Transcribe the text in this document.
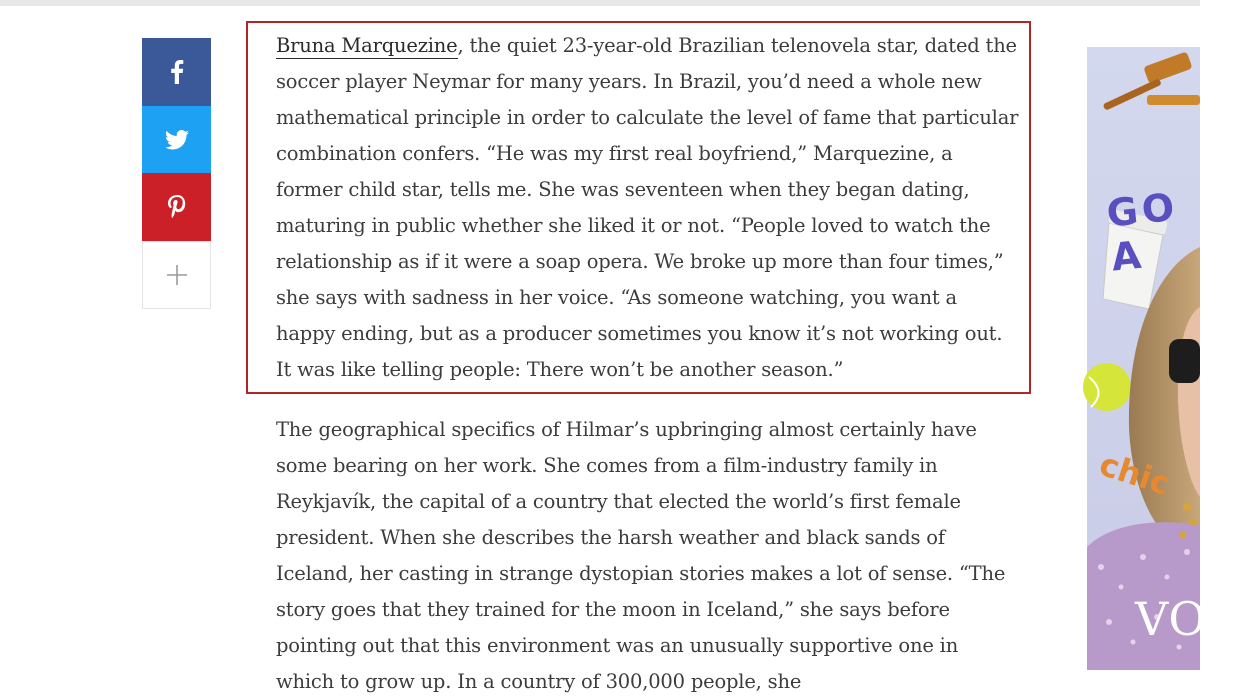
Bruna Marquezine, the quiet 23-year-old Brazilian telenovela star, dated the soccer player Neymar for many years. In Brazil, you’d need a whole new mathematical principle in order to calculate the level of fame that particular combination confers. “He was my first real boyfriend,” Marquezine, a former child star, tells me. She was seventeen when they began dating, maturing in public whether she liked it or not. “People loved to watch the relationship as if it were a soap opera. We broke up more than four times,” she says with sadness in her voice. “As someone watching, you want a happy ending, but as a producer sometimes you know it’s not working out. It was like telling people: There won’t be another season.”

The geographical specifics of Hilmar’s upbringing almost certainly have some bearing on her work. She comes from a film-industry family in Reykjavík, the capital of a country that elected the world’s first female president. When she describes the harsh weather and black sands of Iceland, her casting in strange dystopian stories makes a lot of sense. “The story goes that they trained for the moon in Iceland,” she says before pointing out that this environment was an unusually supportive one in which to grow up. In a country of 300,000 people, she

GO A
chic
VOG
